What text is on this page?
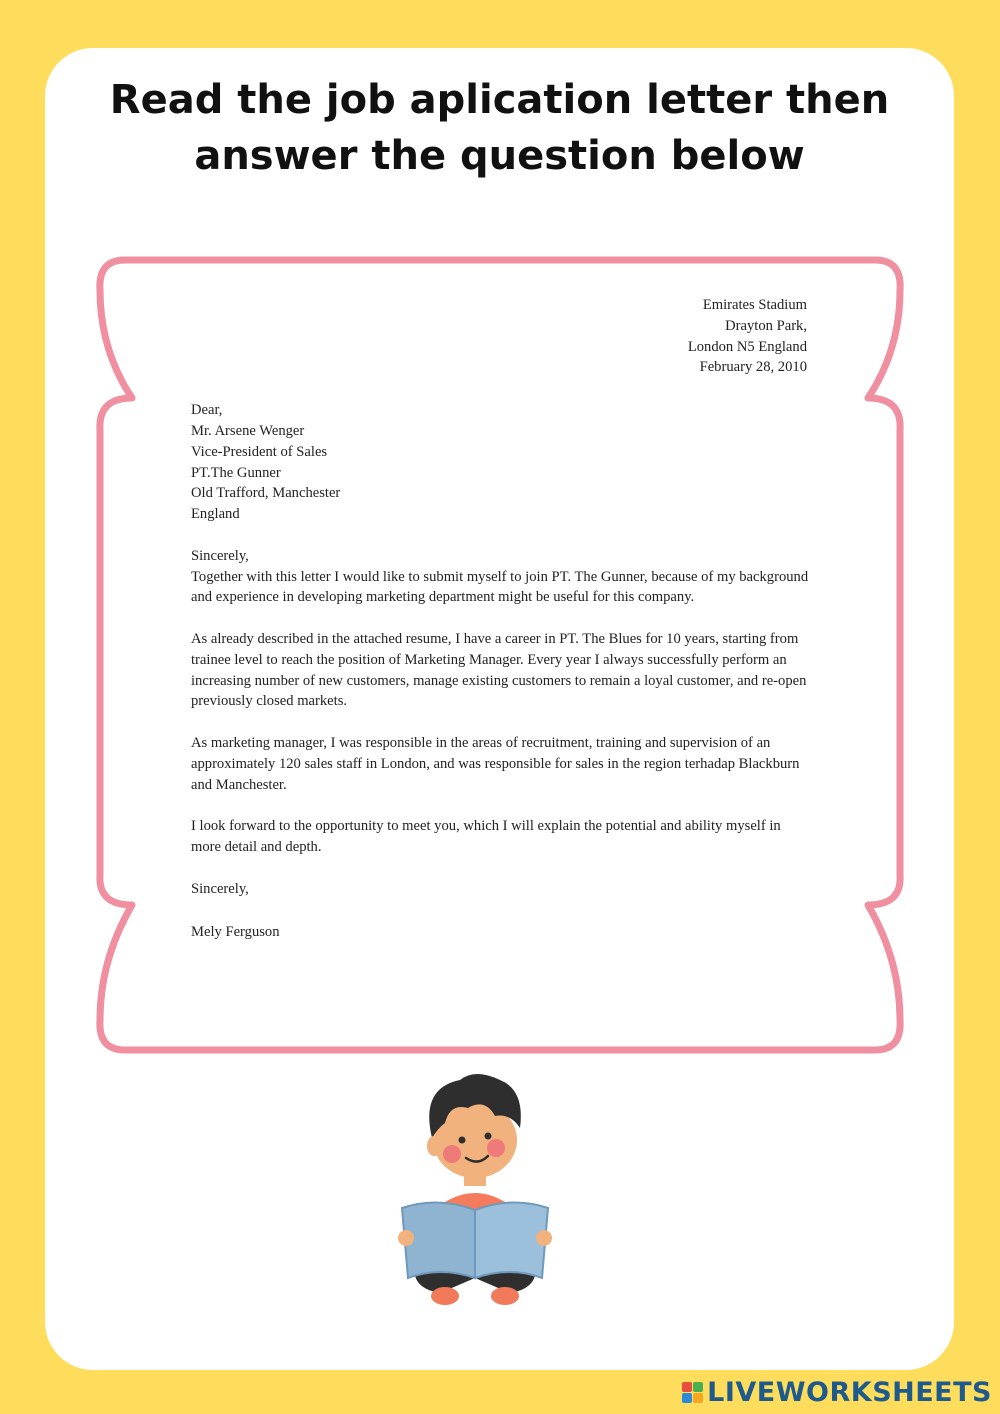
Read the job aplication letter then
answer the question below
Emirates Stadium
Drayton Park,
London N5 England
February 28, 2010
Dear,
Mr. Arsene Wenger
Vice-President of Sales
PT.The Gunner
Old Trafford, Manchester
England
Sincerely,

Together with this letter I would like to submit myself to join PT. The Gunner, because of my background and experience in developing marketing department might be useful for this company.

As already described in the attached resume, I have a career in PT. The Blues for 10 years, starting from trainee level to reach the position of Marketing Manager. Every year I always successfully perform an increasing number of new customers, manage existing customers to remain a loyal customer, and re-open previously closed markets.

As marketing manager, I was responsible in the areas of recruitment, training and supervision of an approximately 120 sales staff in London, and was responsible for sales in the region terhadap Blackburn and Manchester.

I look forward to the opportunity to meet you, which I will explain the potential and ability myself in more detail and depth.

Sincerely,
Mely Ferguson
LIVEWORKSHEETS
